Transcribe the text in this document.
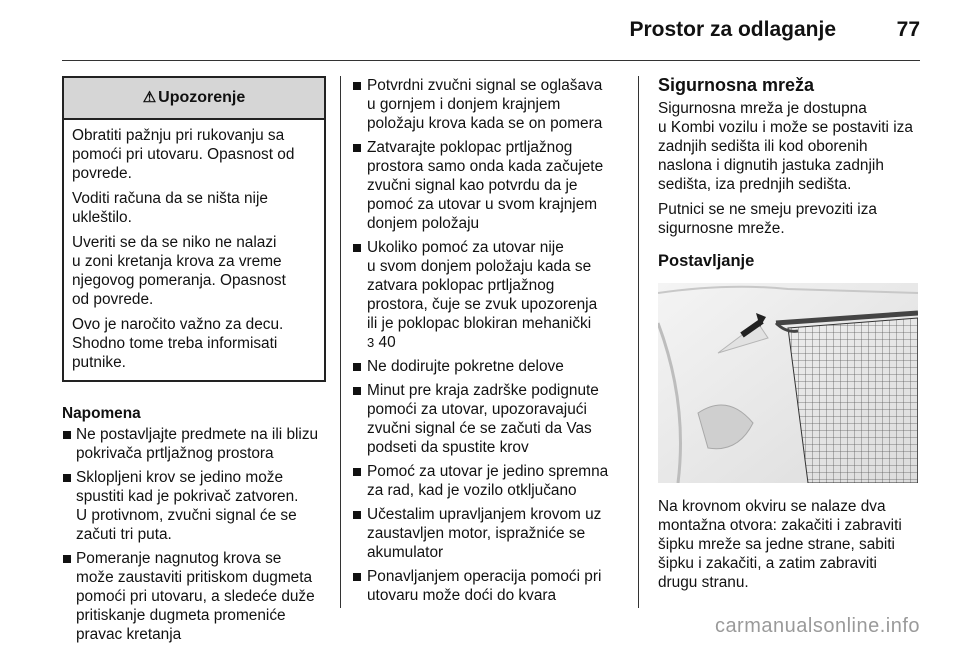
Prostor za odlaganje	77
⚠ Upozorenje

Obratiti pažnju pri rukovanju sa
pomoći pri utovaru. Opasnost od
povrede.

Voditi računa da se ništa nije
ukleštilo.

Uveriti se da se niko ne nalazi
u zoni kretanja krova za vreme
njegovog pomeranja. Opasnost
od povrede.

Ovo je naročito važno za decu.
Shodno tome treba informisati
putnike.

Napomena
Ne postavljajte predmete na ili blizu
pokrivača prtljažnog prostora
Sklopljeni krov se jedino može
spustiti kad je pokrivač zatvoren.
U protivnom, zvučni signal će se
začuti tri puta.
Pomeranje nagnutog krova se
može zaustaviti pritiskom dugmeta
pomoći pri utovaru, a sledeće duže
pritiskanje dugmeta promeniće
pravac kretanja
Potvrdni zvučni signal se oglašava
u gornjem i donjem krajnjem
položaju krova kada se on pomera
Zatvarajte poklopac prtljažnog
prostora samo onda kada začujete
zvučni signal kao potvrdu da je
pomoć za utovar u svom krajnjem
donjem položaju
Ukoliko pomoć za utovar nije
u svom donjem položaju kada se
zatvara poklopac prtljažnog
prostora, čuje se zvuk upozorenja
ili je poklopac blokiran mehanički
3 40
Ne dodirujte pokretne delove
Minut pre kraja zadrške podignute
pomoći za utovar, upozoravajući
zvučni signal će se začuti da Vas
podseti da spustite krov
Pomoć za utovar je jedino spremna
za rad, kad je vozilo otključano
Učestalim upravljanjem krovom uz
zaustavljen motor, ispražniće se
akumulator
Ponavljanjem operacija pomoći pri
utovaru može doći do kvara
Sigurnosna mreža

Sigurnosna mreža je dostupna
u Kombi vozilu i može se postaviti iza
zadnjih sedišta ili kod oborenih
naslona i dignutih jastuka zadnjih
sedišta, iza prednjih sedišta.

Putnici se ne smeju prevoziti iza
sigurnosne mreže.

Postavljanje

Na krovnom okviru se nalaze dva
montažna otvora: zakačiti i zabraviti
šipku mreže sa jedne strane, sabiti
šipku i zakačiti, a zatim zabraviti
drugu stranu.

carmanualsonline.info
